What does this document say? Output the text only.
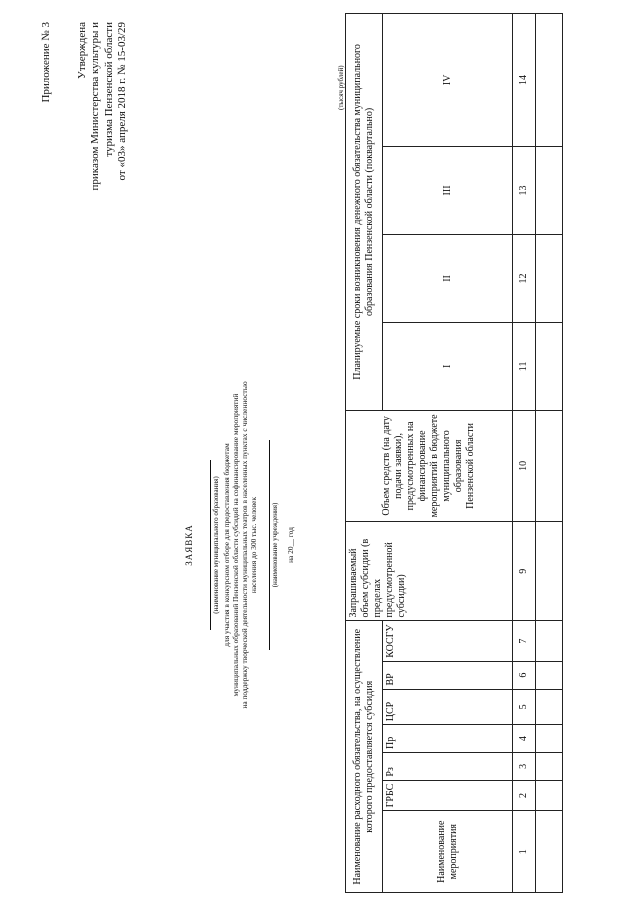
Приложение № 3 Утверждена приказом Министерства культуры и туризма Пензенской области от «03» апреля 2018 г. № 15-03/29
ЗАЯВКА	(наименование муниципального образования) для участия в конкурсном отборе для предоставления бюджетам муниципальных образований Пензенской области субсидий на софинансирование мероприятий на поддержку творческой деятельности муниципальных театров в населенных пунктах с численностью населения до 300 тыс. человек (наименование учреждения) на 20__ год
(тысяч рублей)
Наименование расходного обязательства, на осуществление которого предоставляется субсидия							Запрашиваемый объем субсидии (в пределах предусмотренной субсидии)	Объем средств (на дату подачи заявки), предусмотренных на финансирование мероприятий в бюджете муниципального образования Пензенской области	Планируемые сроки возникновения денежного обязательства муниципального образования Пензенской области (поквартально)			
Наименование мероприятия	ГРБС	Рз	Пр	ЦСР	ВР	КОСГУ			I	II	III	IV
1	2	3	4	5	6	7	9	10	11	12	13	14
